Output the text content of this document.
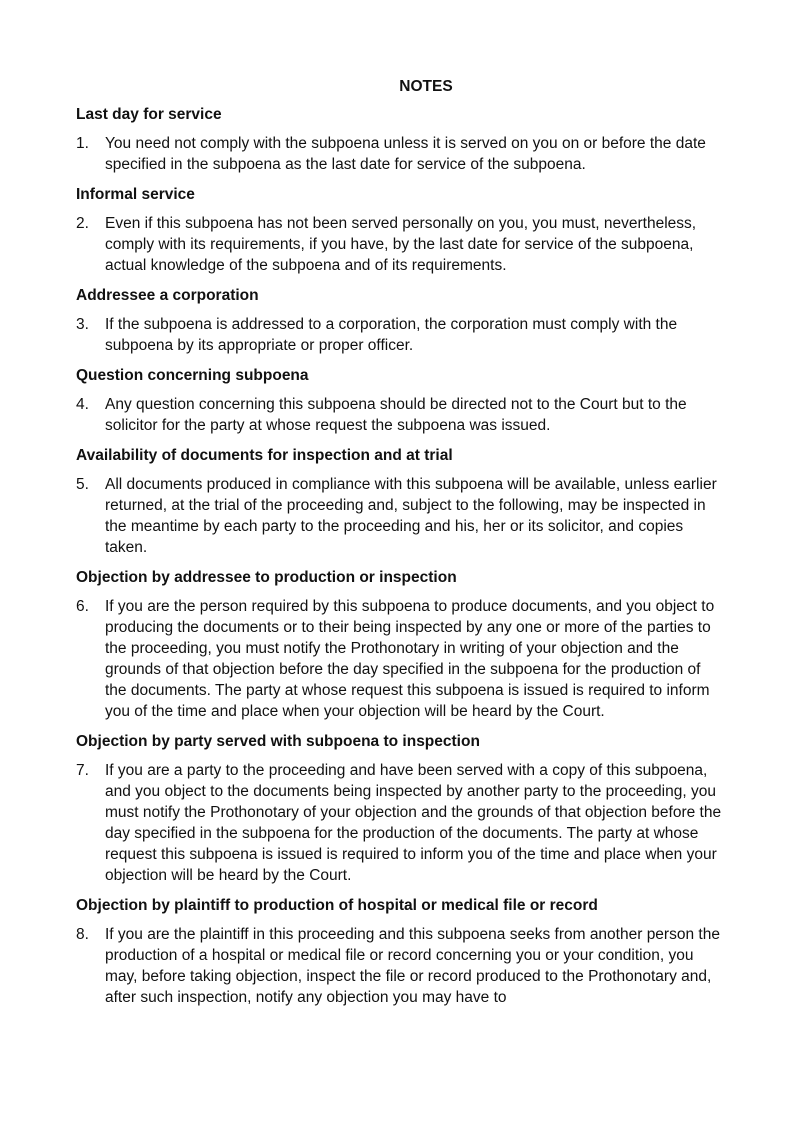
NOTES
Last day for service
1.	You need not comply with the subpoena unless it is served on you on or before the date specified in the subpoena as the last date for service of the subpoena.
Informal service
2.	Even if this subpoena has not been served personally on you, you must, nevertheless, comply with its requirements, if you have, by the last date for service of the subpoena, actual knowledge of the subpoena and of its requirements.
Addressee a corporation
3.	If the subpoena is addressed to a corporation, the corporation must comply with the subpoena by its appropriate or proper officer.
Question concerning subpoena
4.	Any question concerning this subpoena should be directed not to the Court but to the solicitor for the party at whose request the subpoena was issued.
Availability of documents for inspection and at trial
5.	All documents produced in compliance with this subpoena will be available, unless earlier returned, at the trial of the proceeding and, subject to the following, may be inspected in the meantime by each party to the proceeding and his, her or its solicitor, and copies taken.
Objection by addressee to production or inspection
6.	If you are the person required by this subpoena to produce documents, and you object to producing the documents or to their being inspected by any one or more of the parties to the proceeding, you must notify the Prothonotary in writing of your objection and the grounds of that objection before the day specified in the subpoena for the production of the documents. The party at whose request this subpoena is issued is required to inform you of the time and place when your objection will be heard by the Court.
Objection by party served with subpoena to inspection
7.	If you are a party to the proceeding and have been served with a copy of this subpoena, and you object to the documents being inspected by another party to the proceeding, you must notify the Prothonotary of your objection and the grounds of that objection before the day specified in the subpoena for the production of the documents. The party at whose request this subpoena is issued is required to inform you of the time and place when your objection will be heard by the Court.
Objection by plaintiff to production of hospital or medical file or record
8.	If you are the plaintiff in this proceeding and this subpoena seeks from another person the production of a hospital or medical file or record concerning you or your condition, you may, before taking objection, inspect the file or record produced to the Prothonotary and, after such inspection, notify any objection you may have to
